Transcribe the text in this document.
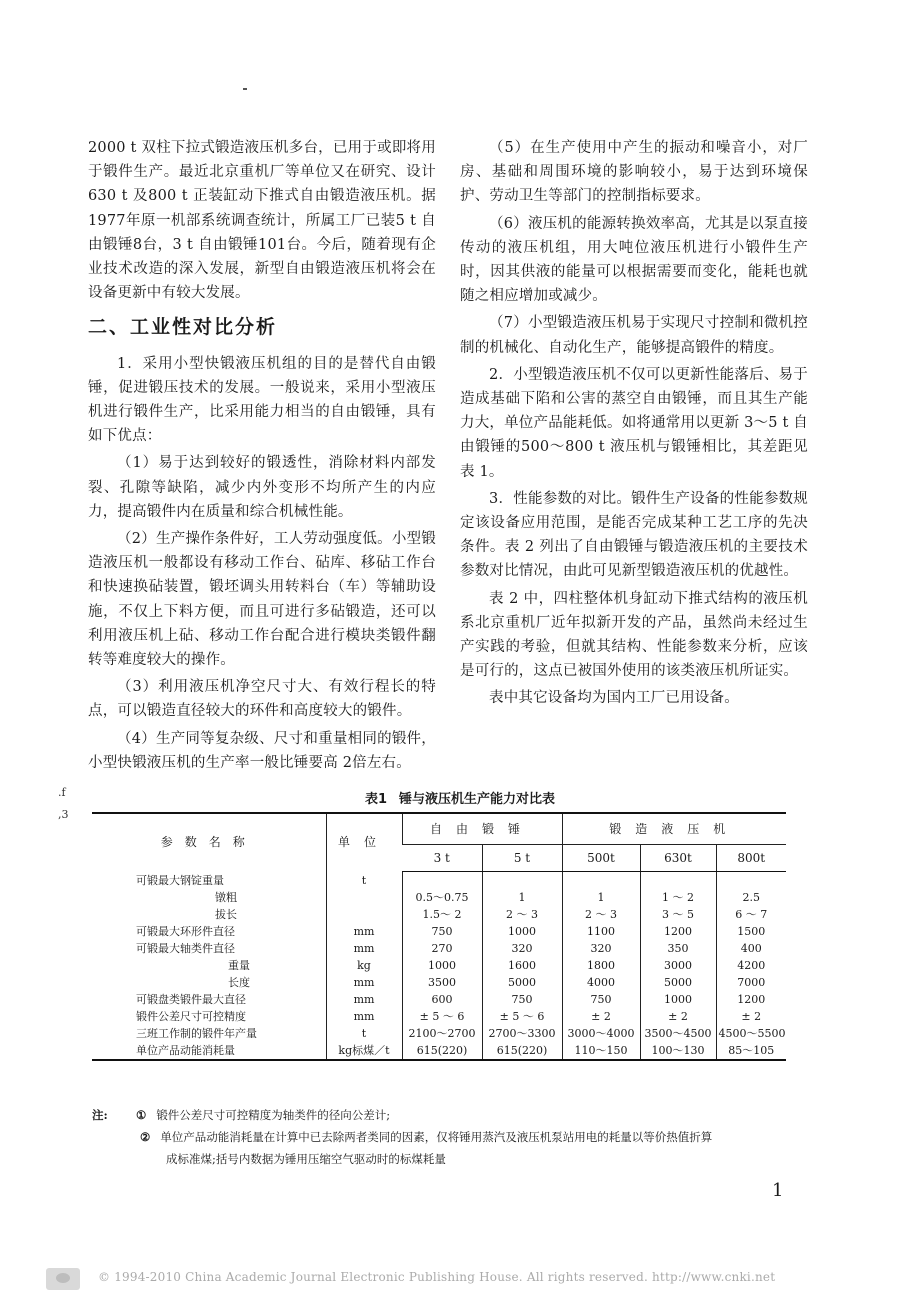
.f
,3

2000 t 双柱下拉式锻造液压机多台，已用于或即将用于锻件生产。最近北京重机厂等单位又在研究、设计630 t 及800 t 正装缸动下推式自由锻造液压机。据1977年原一机部系统调查统计，所属工厂已装5 t 自由锻锤8台，3 t 自由锻锤101台。今后，随着现有企业技术改造的深入发展，新型自由锻造液压机将会在设备更新中有较大发展。

二、工业性对比分析

1．采用小型快锻液压机组的目的是替代自由锻锤，促进锻压技术的发展。一般说来，采用小型液压机进行锻件生产，比采用能力相当的自由锻锤，具有如下优点：

（1）易于达到较好的锻透性，消除材料内部发裂、孔隙等缺陷，减少内外变形不均所产生的内应力，提高锻件内在质量和综合机械性能。

（2）生产操作条件好，工人劳动强度低。小型锻造液压机一般都设有移动工作台、砧库、移砧工作台和快速换砧装置，锻坯调头用转料台（车）等辅助设施，不仅上下料方便，而且可进行多砧锻造，还可以利用液压机上砧、移动工作台配合进行模块类锻件翻转等难度较大的操作。

（3）利用液压机净空尺寸大、有效行程长的特点，可以锻造直径较大的环件和高度较大的锻件。

（4）生产同等复杂级、尺寸和重量相同的锻件，小型快锻液压机的生产率一般比锤要高 2倍左右。

（5）在生产使用中产生的振动和噪音小，对厂房、基础和周围环境的影响较小，易于达到环境保护、劳动卫生等部门的控制指标要求。

（6）液压机的能源转换效率高，尤其是以泵直接传动的液压机组，用大吨位液压机进行小锻件生产时，因其供液的能量可以根据需要而变化，能耗也就随之相应增加或减少。

（7）小型锻造液压机易于实现尺寸控制和微机控制的机械化、自动化生产，能够提高锻件的精度。

2．小型锻造液压机不仅可以更新性能落后、易于造成基础下陷和公害的蒸空自由锻锤，而且其生产能力大，单位产品能耗低。如将通常用以更新 3～5 t 自由锻锤的500～800 t 液压机与锻锤相比，其差距见表 1。

3．性能参数的对比。锻件生产设备的性能参数规定该设备应用范围，是能否完成某种工艺工序的先决条件。表 2 列出了自由锻锤与锻造液压机的主要技术参数对比情况，由此可见新型锻造液压机的优越性。

表 2 中，四柱整体机身缸动下推式结构的液压机系北京重机厂近年拟新开发的产品，虽然尚未经过生产实践的考验，但就其结构、性能参数来分析，应该是可行的，这点已被国外使用的该类液压机所证实。

表中其它设备均为国内工厂已用设备。

表1 锤与液压机生产能力对比表
参数名称	单位	自由锻锤		锻造液压机		
		3 t	5 t	500t	630t	800t
可锻最大钢锭重量	t					
镦粗		0.5～0.75	1	1	1 ～ 2	2.5
拔长		1.5～ 2	2 ～ 3	2 ～ 3	3 ～ 5	6 ～ 7
可锻最大环形件直径	mm	750	1000	1100	1200	1500
可锻最大轴类件直径	mm	270	320	320	350	400
重量	kg	1000	1600	1800	3000	4200
长度	mm	3500	5000	4000	5000	7000
可锻盘类锻件最大直径	mm	600	750	750	1000	1200
锻件公差尺寸可控精度	mm	± 5 ～ 6	± 5 ～ 6	± 2	± 2	± 2
三班工作制的锻件年产量	t	2100～2700	2700～3300	3000～4000	3500～4500	4500～5500
单位产品动能消耗量	kg标煤／t	615(220)	615(220)	110～150	100～130	85～105
注: ① 锻件公差尺寸可控精度为轴类件的径向公差计;
② 单位产品动能消耗量在计算中已去除两者类同的因素，仅将锤用蒸汽及液压机泵站用电的耗量以等价热值折算
成标准煤;括号内数据为锤用压缩空气驱动时的标煤耗量
1
© 1994-2010 China Academic Journal Electronic Publishing House. All rights reserved. http://www.cnki.net
